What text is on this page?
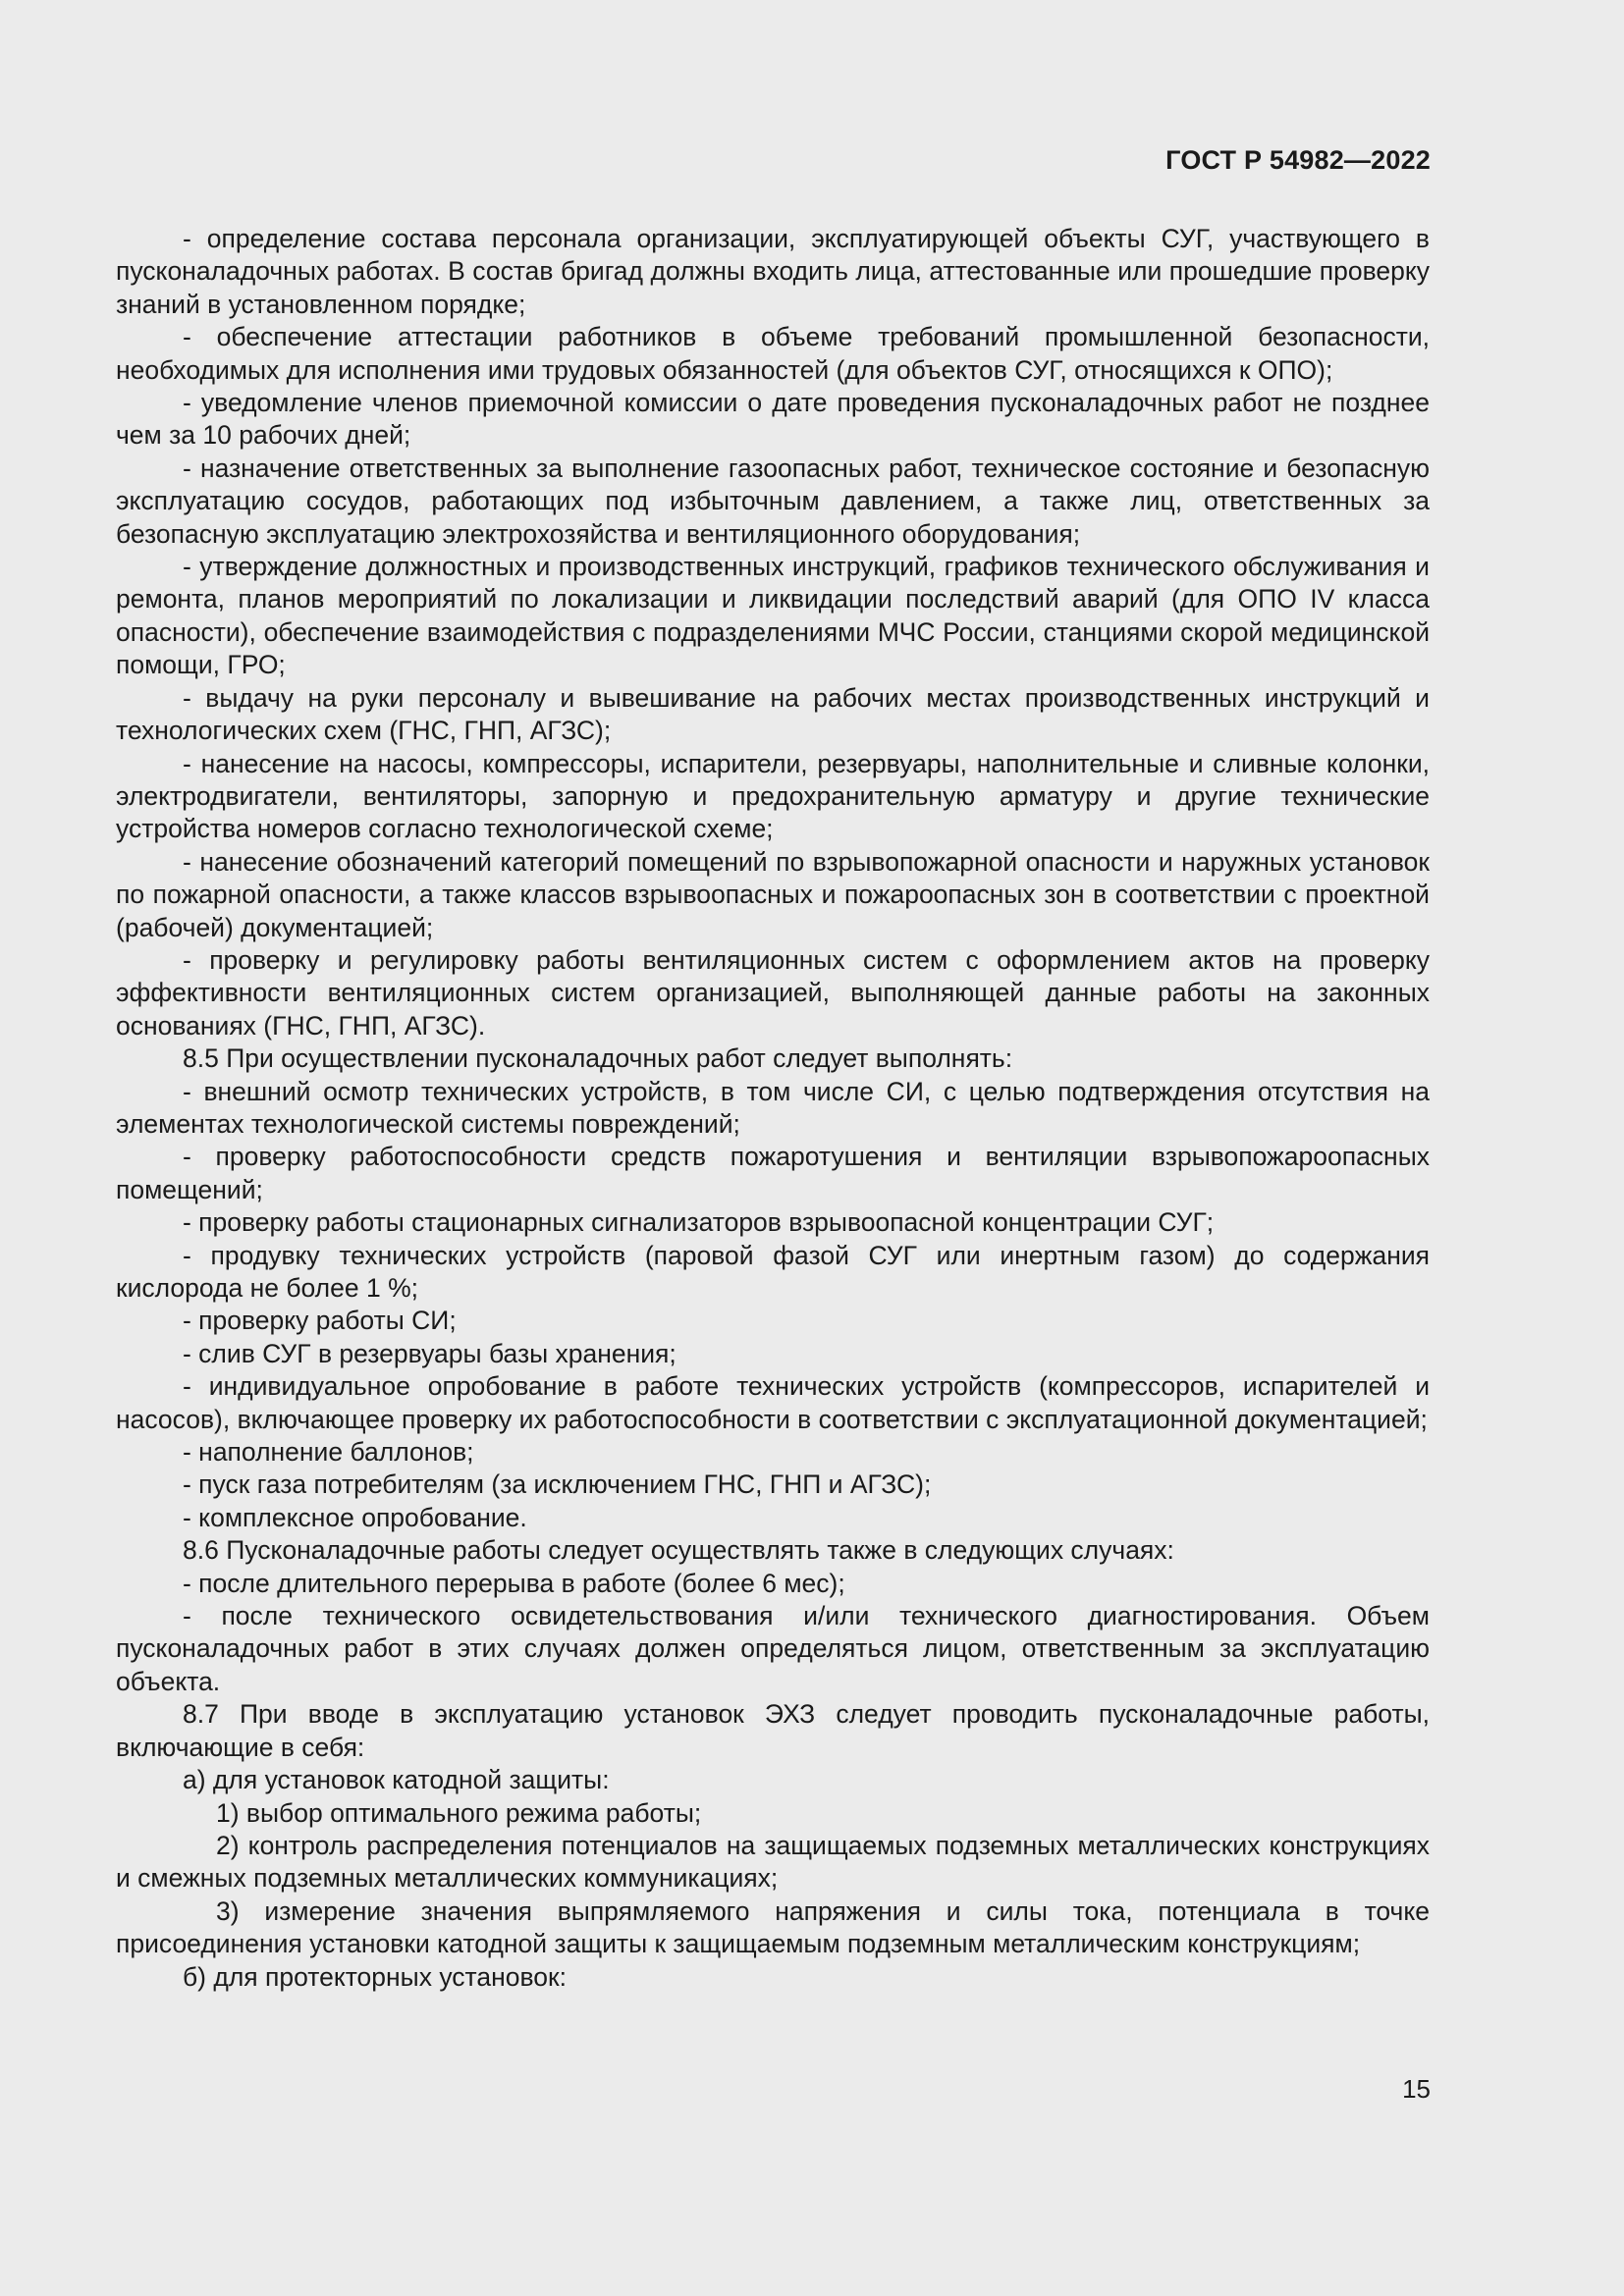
ГОСТ Р 54982—2022

- определение состава персонала организации, эксплуатирующей объекты СУГ, участвующего в пусконаладочных работах. В состав бригад должны входить лица, аттестованные или прошедшие проверку знаний в установленном порядке;

- обеспечение аттестации работников в объеме требований промышленной безопасности, необходимых для исполнения ими трудовых обязанностей (для объектов СУГ, относящихся к ОПО);

- уведомление членов приемочной комиссии о дате проведения пусконаладочных работ не позднее чем за 10 рабочих дней;

- назначение ответственных за выполнение газоопасных работ, техническое состояние и безопасную эксплуатацию сосудов, работающих под избыточным давлением, а также лиц, ответственных за безопасную эксплуатацию электрохозяйства и вентиляционного оборудования;

- утверждение должностных и производственных инструкций, графиков технического обслуживания и ремонта, планов мероприятий по локализации и ликвидации последствий аварий (для ОПО IV класса опасности), обеспечение взаимодействия с подразделениями МЧС России, станциями скорой медицинской помощи, ГРО;

- выдачу на руки персоналу и вывешивание на рабочих местах производственных инструкций и технологических схем (ГНС, ГНП, АГЗС);

- нанесение на насосы, компрессоры, испарители, резервуары, наполнительные и сливные колонки, электродвигатели, вентиляторы, запорную и предохранительную арматуру и другие технические устройства номеров согласно технологической схеме;

- нанесение обозначений категорий помещений по взрывопожарной опасности и наружных установок по пожарной опасности, а также классов взрывоопасных и пожароопасных зон в соответствии с проектной (рабочей) документацией;

- проверку и регулировку работы вентиляционных систем с оформлением актов на проверку эффективности вентиляционных систем организацией, выполняющей данные работы на законных основаниях (ГНС, ГНП, АГЗС).

8.5 При осуществлении пусконаладочных работ следует выполнять:

- внешний осмотр технических устройств, в том числе СИ, с целью подтверждения отсутствия на элементах технологической системы повреждений;

- проверку работоспособности средств пожаротушения и вентиляции взрывопожароопасных помещений;

- проверку работы стационарных сигнализаторов взрывоопасной концентрации СУГ;

- продувку технических устройств (паровой фазой СУГ или инертным газом) до содержания кислорода не более 1 %;

- проверку работы СИ;

- слив СУГ в резервуары базы хранения;

- индивидуальное опробование в работе технических устройств (компрессоров, испарителей и насосов), включающее проверку их работоспособности в соответствии с эксплуатационной документацией;

- наполнение баллонов;

- пуск газа потребителям (за исключением ГНС, ГНП и АГЗС);

- комплексное опробование.

8.6 Пусконаладочные работы следует осуществлять также в следующих случаях:

- после длительного перерыва в работе (более 6 мес);

- после технического освидетельствования и/или технического диагностирования. Объем пусконаладочных работ в этих случаях должен определяться лицом, ответственным за эксплуатацию объекта.

8.7 При вводе в эксплуатацию установок ЭХЗ следует проводить пусконаладочные работы, включающие в себя:

а) для установок катодной защиты:

1) выбор оптимального режима работы;

2) контроль распределения потенциалов на защищаемых подземных металлических конструкциях и смежных подземных металлических коммуникациях;

3) измерение значения выпрямляемого напряжения и силы тока, потенциала в точке присоединения установки катодной защиты к защищаемым подземным металлическим конструкциям;

б) для протекторных установок:

15
